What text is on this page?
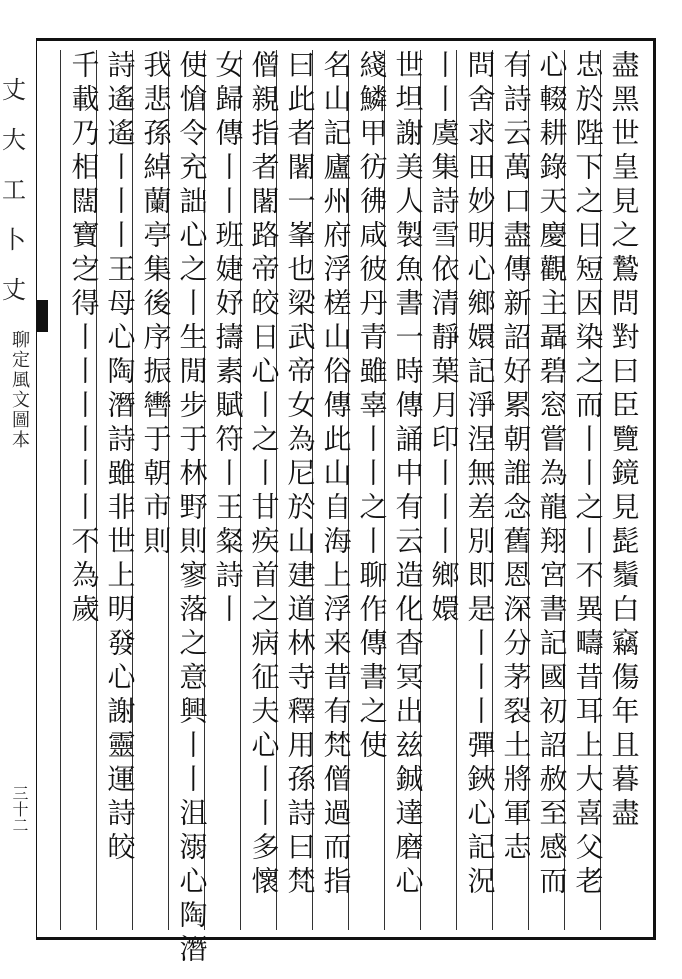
丈
大
工
卜
丈
聊定風文圖本
三十二	盡黑世皇見之鷙問對曰臣覽鏡見髭鬚白竊傷年且暮盡
忠於陛下之日短因染之而丨丨之丨不異疇昔耳上大喜父老
心輟耕錄天慶觀主聶碧窓嘗為龍翔宮書記國初詔赦至感而
有詩云萬口盡傳新詔好累朝誰念舊恩深分茅裂土將軍志
問舍求田妙明心鄉嬛記淨涅無差別即是丨丨丨彈鋏心記況
丨丨虞集詩雪依清靜葉月印丨丨丨鄉嬛
世坦謝美人製魚書一時傳誦中有云造化杳冥出兹鋮達磨心
綫鱗甲彷彿咸彼丹青雖辜丨丨之丨聊作傳書之使
名山記廬州府浮槎山俗傳此山自海上浮来昔有梵僧過而指
曰此者闍一峯也梁武帝女為尼於山建道林寺釋用孫詩曰梵
僧親指者闍路帝皎日心丨之丨甘疾首之病征夫心丨丨多懷
女歸傳丨丨班婕妤擣素賦符丨王粲詩丨
使愴令充詘心之丨生閒步于林野則寥落之意興丨丨沮溺心陶潛
我悲孫綽蘭亭集後序振轡于朝市則
詩遙遙丨丨丨王母心陶潛詩雖非世上明發心謝靈運詩皎
千載乃相闊寶㝎得丨丨丨丨丨丨不為歲
